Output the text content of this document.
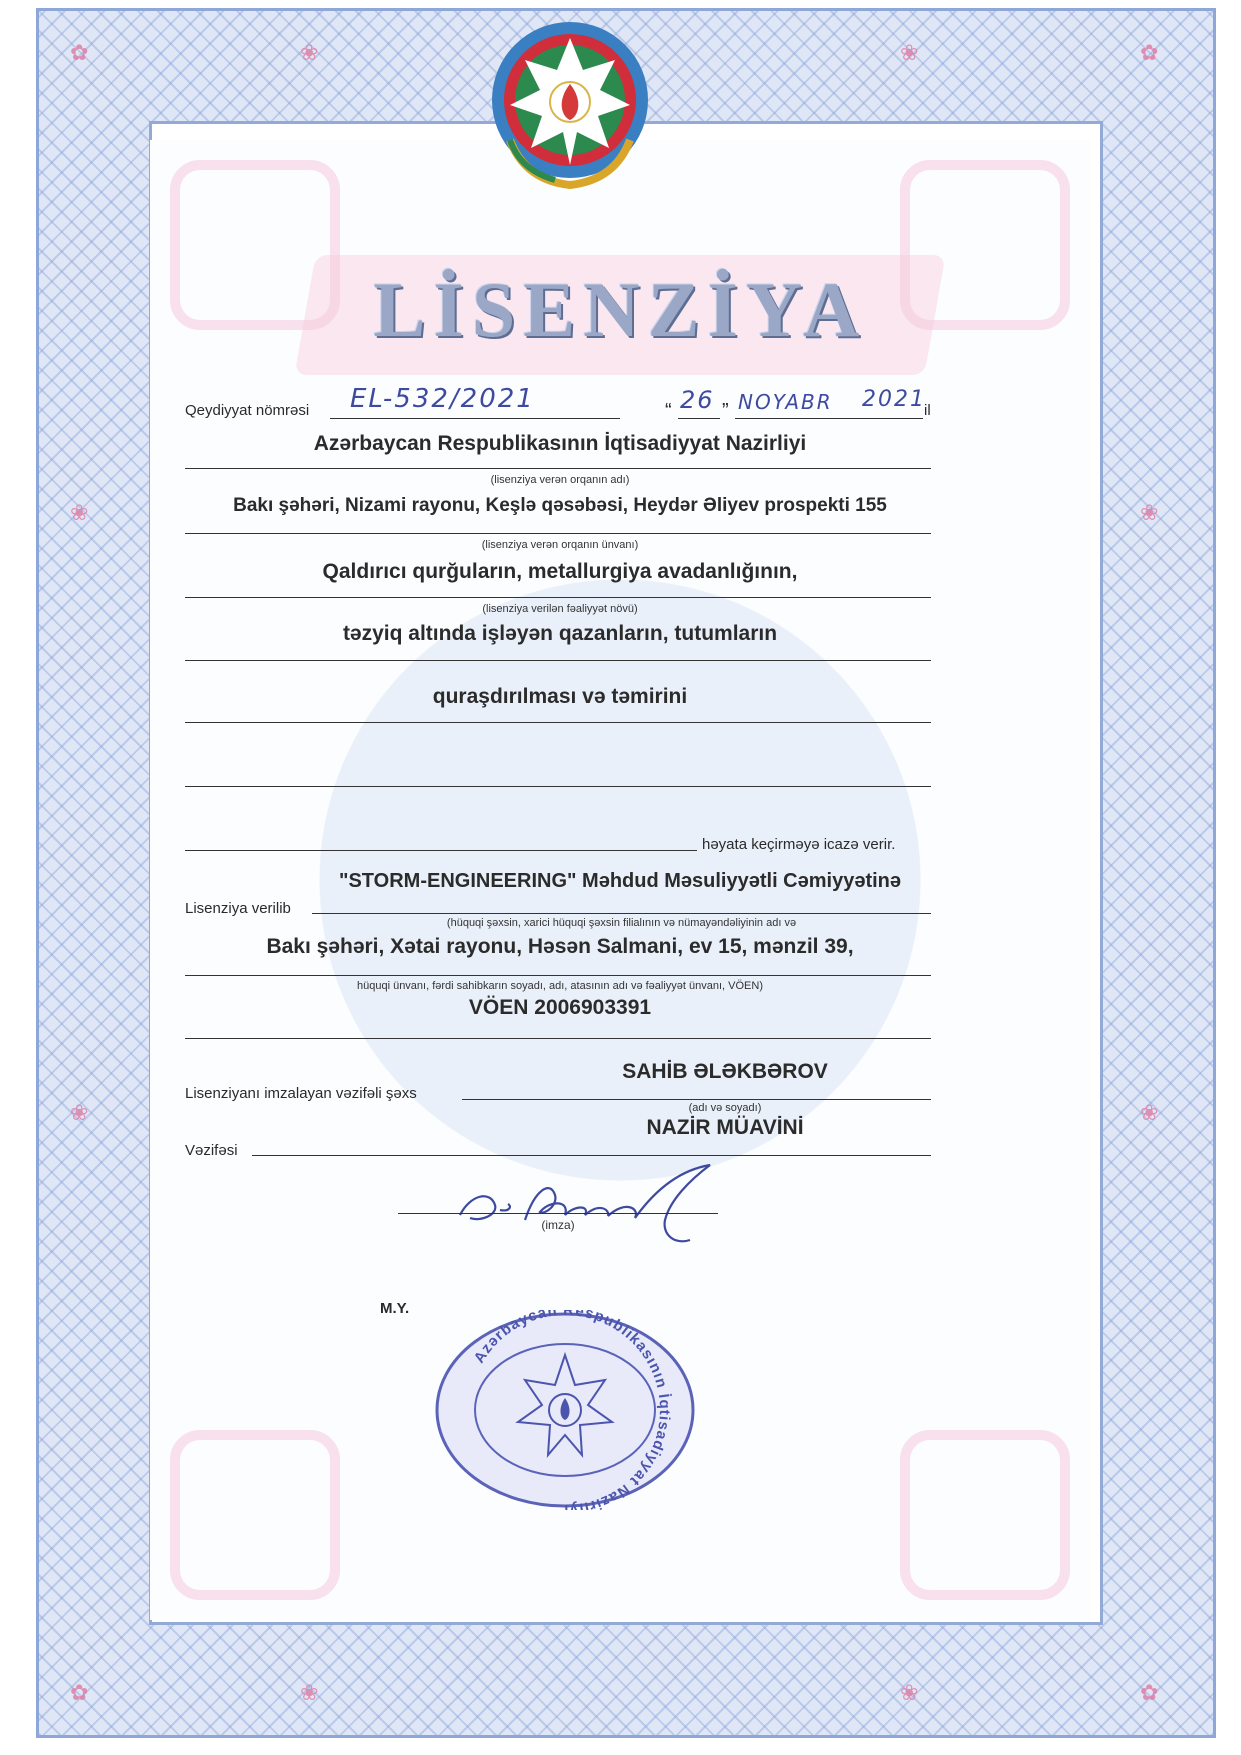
✿	✿
✿	✿
❀	❀
❀	❀
❀	❀
❀	❀
LİSENZİYA
Qeydiyyat nömrəsi EL-532/2021	“ 26 ” NOYABR 2021
il
Azərbaycan Respublikasının İqtisadiyyat Nazirliyi
(lisenziya verən orqanın adı)
Bakı şəhəri, Nizami rayonu, Keşlə qəsəbəsi, Heydər Əliyev prospekti 155
(lisenziya verən orqanın ünvanı)
Qaldırıcı qurğuların, metallurgiya avadanlığının,
(lisenziya verilən fəaliyyət növü)
təzyiq altında işləyən qazanların, tutumların
quraşdırılması və təmirini
həyata keçirməyə icazə verir.
"STORM-ENGINEERING" Məhdud Məsuliyyətli Cəmiyyətinə
Lisenziya verilib
(hüquqi şəxsin, xarici hüquqi şəxsin filialının və nümayəndəliyinin adı və
Bakı şəhəri, Xətai rayonu, Həsən Salmani, ev 15, mənzil 39,
hüquqi ünvanı, fərdi sahibkarın soyadı, adı, atasının adı və fəaliyyət ünvanı, VÖEN)
VÖEN 2006903391
SAHİB ƏLƏKBƏROV
Lisenziyanı imzalayan vəzifəli şəxs
(adı və soyadı)
NAZİR MÜAVİNİ
Vəzifəsi
(imza)
M.Y.
Azərbaycan Respublikasının İqtisadiyyat Nazirliyi
